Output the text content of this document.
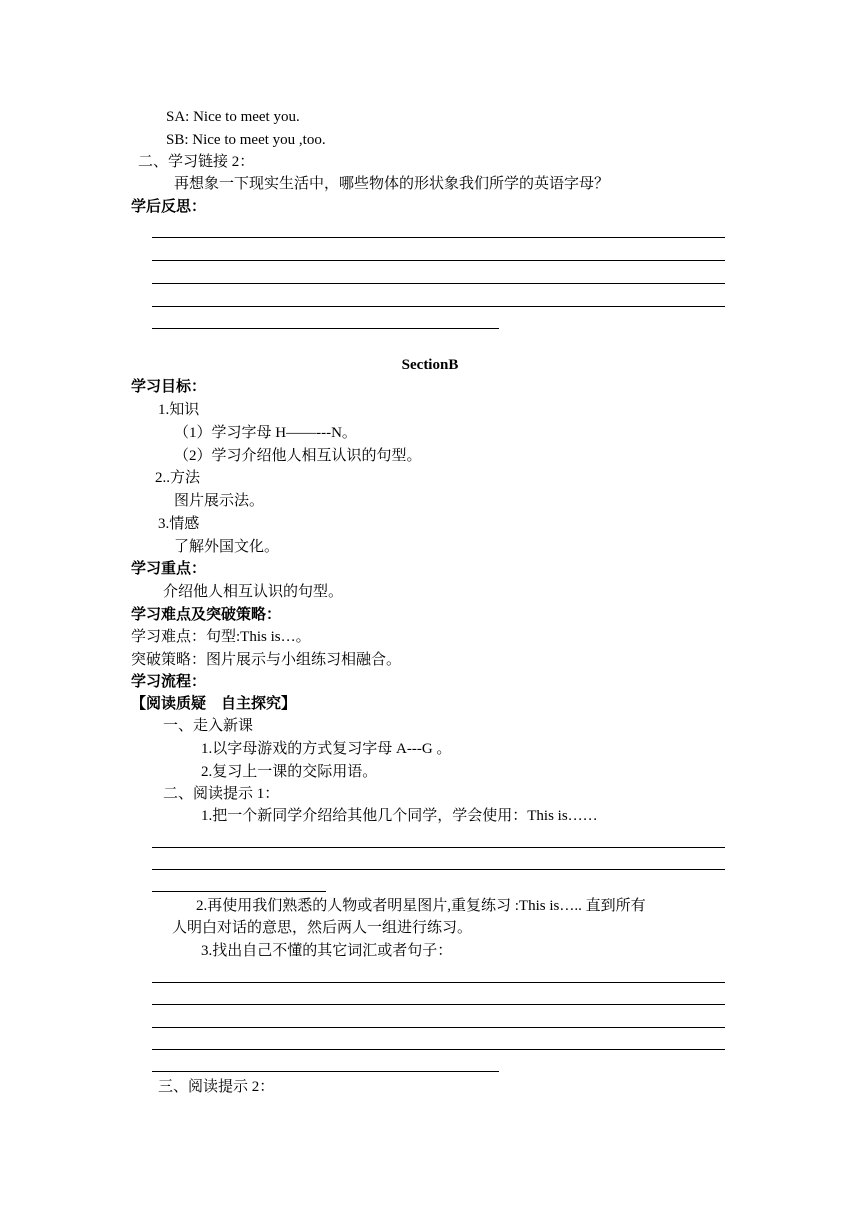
SA: Nice to meet you.
SB: Nice to meet you ,too.
二、学习链接 2：
再想象一下现实生活中，哪些物体的形状象我们所学的英语字母？
学后反思：
SectionB
学习目标：
1.知识
（1）学习字母 H——---N。
（2）学习介绍他人相互认识的句型。
2..方法
图片展示法。
3.情感
了解外国文化。
学习重点：
介绍他人相互认识的句型。
学习难点及突破策略：
学习难点：句型:This is…。
突破策略：图片展示与小组练习相融合。
学习流程：
【阅读质疑　自主探究】
一、走入新课
1.以字母游戏的方式复习字母 A---G 。
2.复习上一课的交际用语。
二、阅读提示 1：
1.把一个新同学介绍给其他几个同学，学会使用：This is……
2.再使用我们熟悉的人物或者明星图片,重复练习 :This is….. 直到所有
人明白对话的意思，然后两人一组进行练习。
3.找出自己不懂的其它词汇或者句子：
三、阅读提示 2：
